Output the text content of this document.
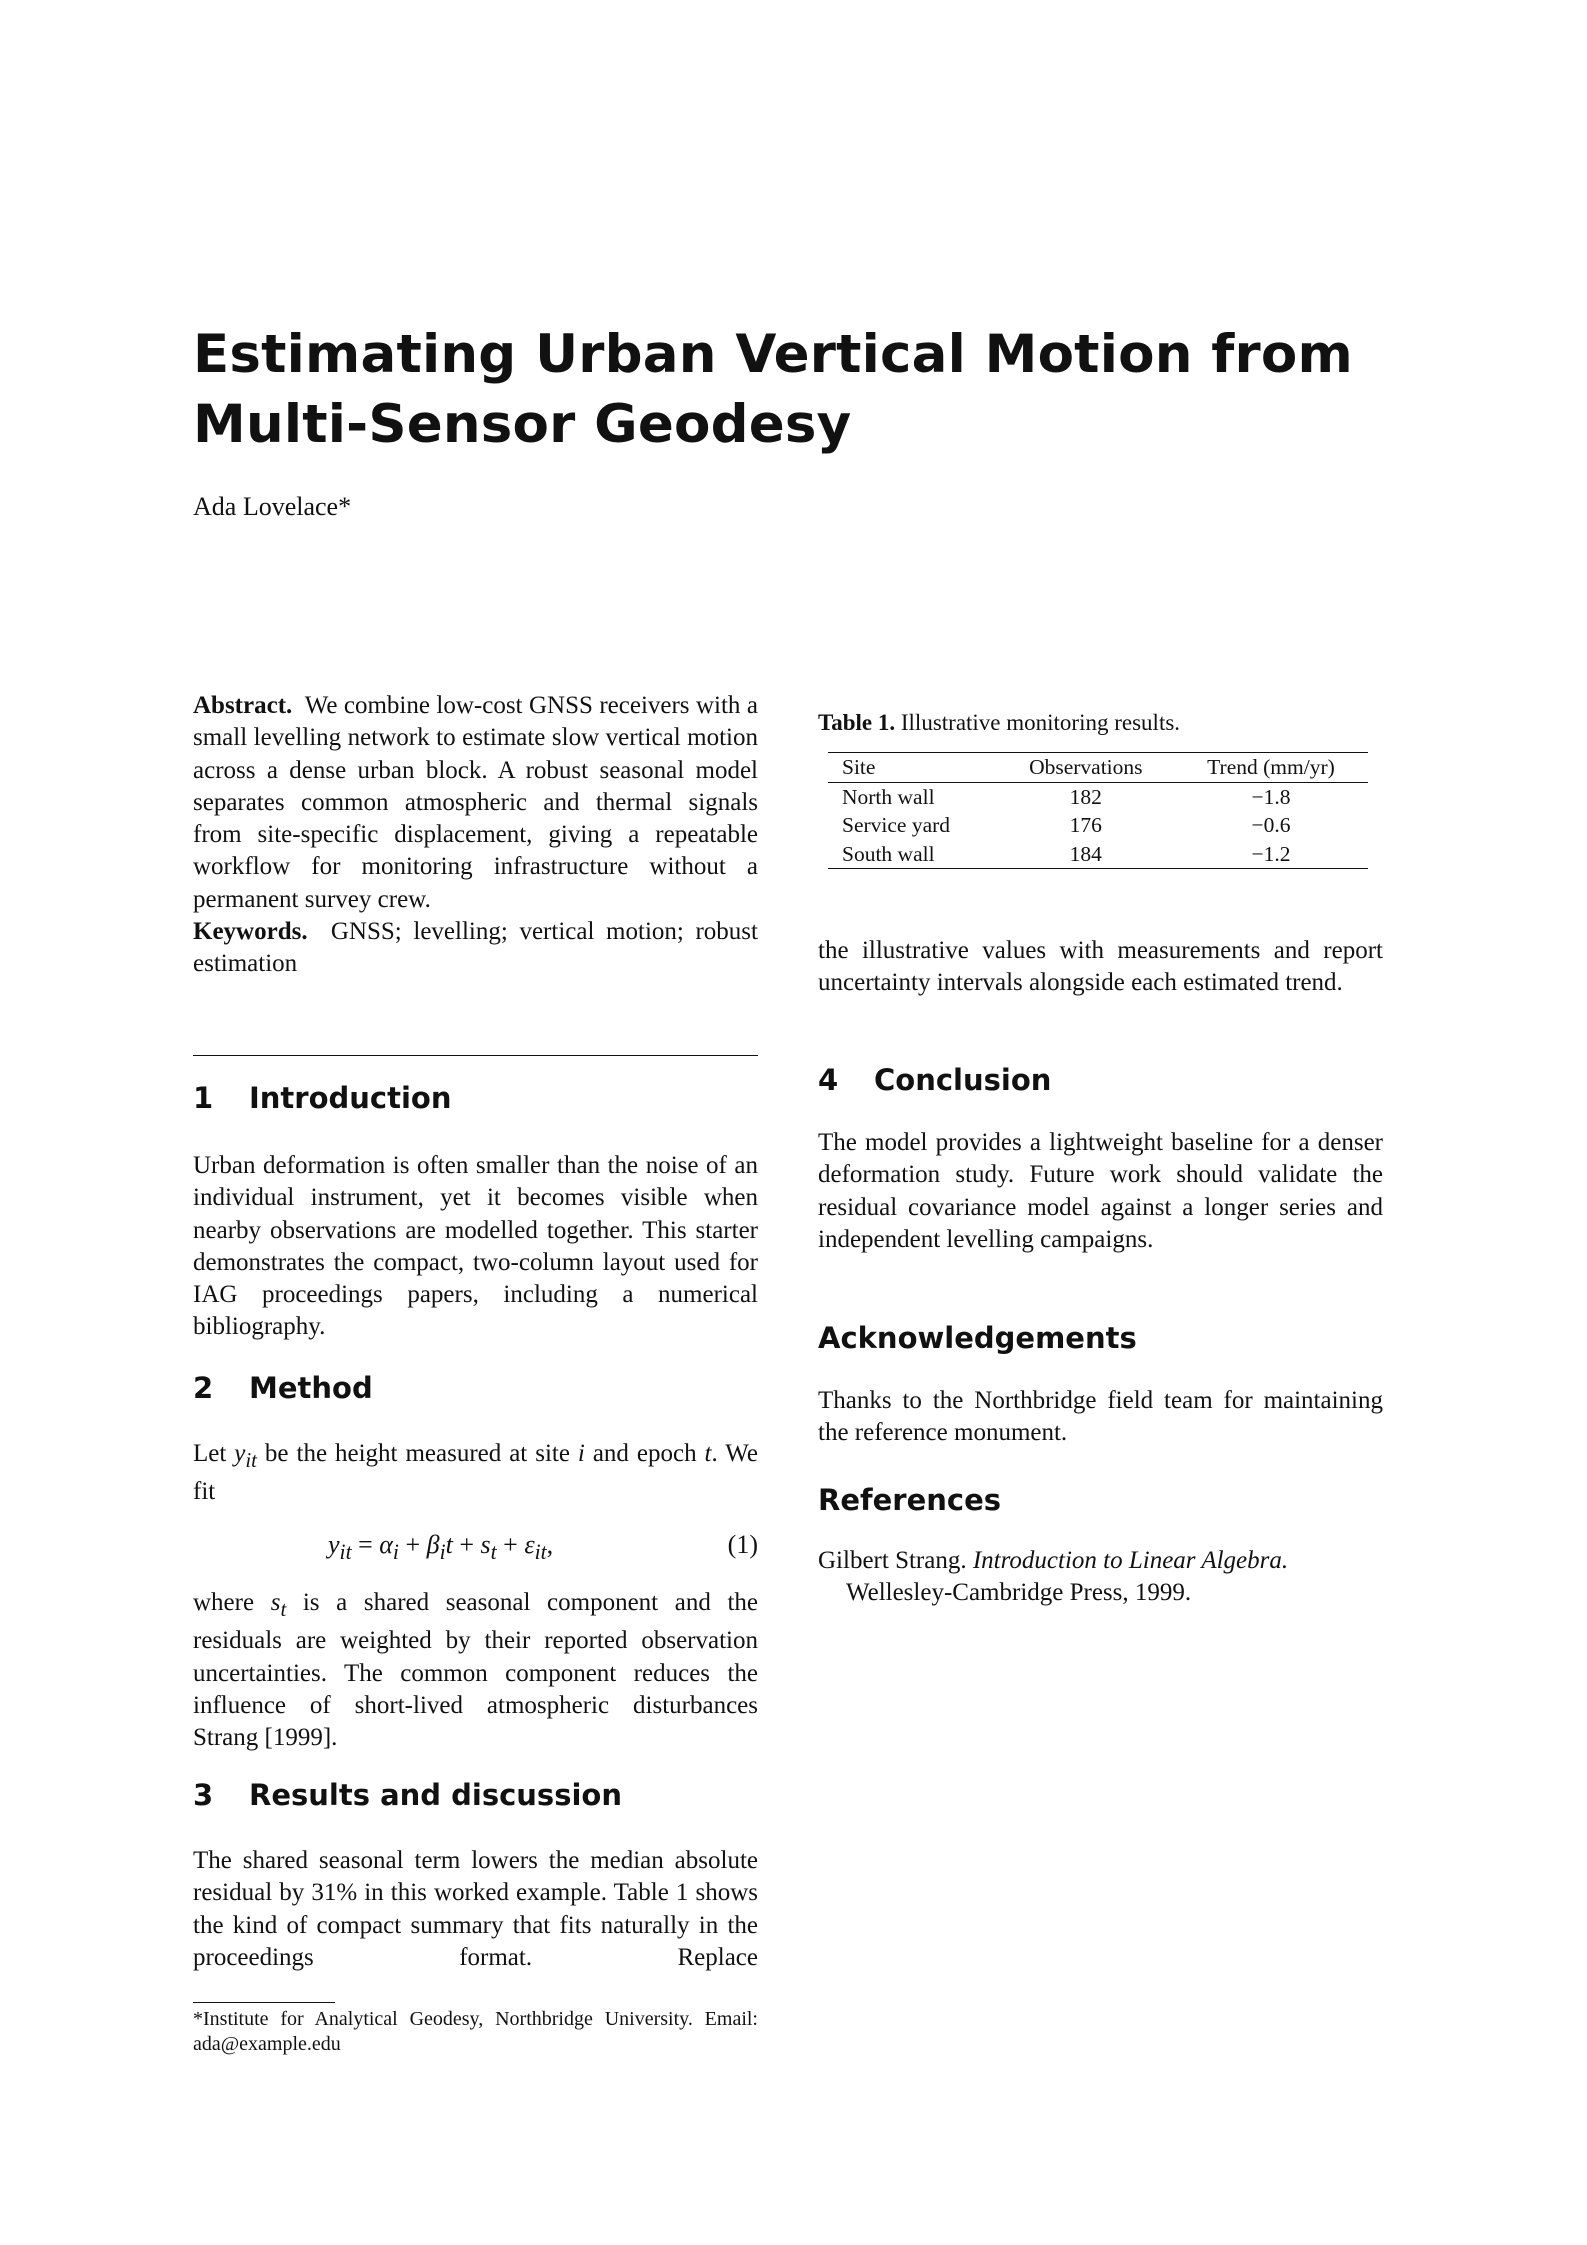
Estimating Urban Vertical Motion from
Multi-Sensor Geodesy
Ada Lovelace*

Abstract. We combine low-cost GNSS receivers with a small levelling network to estimate slow vertical motion across a dense urban block. A robust seasonal model separates common atmospheric and thermal signals from site-specific displacement, giving a repeatable workflow for monitoring infrastructure without a permanent survey crew.

Keywords. GNSS; levelling; vertical motion; robust estimation

1 Introduction

Urban deformation is often smaller than the noise of an individual instrument, yet it becomes visible when nearby observations are modelled together. This starter demonstrates the compact, two-column layout used for IAG proceedings papers, including a numerical bibliography.

2 Method

Let $y_{it}$ be the height measured at site i and epoch t. We fit

$y_{it} = \alpha_i + \beta_it + s_t + \varepsilon_{it}$,	(1)

where $s_t$ is a shared seasonal component and the residuals are weighted by their reported observation uncertainties. The common component reduces the influence of short-lived atmospheric disturbances Strang [1999].

3 Results and discussion

The shared seasonal term lowers the median absolute residual by 31% in this worked example. Table 1 shows the kind of compact summary that fits naturally in the proceedings format. Replace

*Institute for Analytical Geodesy, Northbridge University. Email: ada@example.edu

Table 1. Illustrative monitoring results.

Site	Observations	Trend (mm/yr)
North wall	182	−1.8
Service yard	176	−0.6
South wall	184	−1.2

the illustrative values with measurements and report uncertainty intervals alongside each estimated trend.

4 Conclusion

The model provides a lightweight baseline for a denser deformation study. Future work should validate the residual covariance model against a longer series and independent levelling campaigns.

Acknowledgements

Thanks to the Northbridge field team for maintaining the reference monument.

References

Gilbert Strang. Introduction to Linear Algebra.
Wellesley-Cambridge Press, 1999.
